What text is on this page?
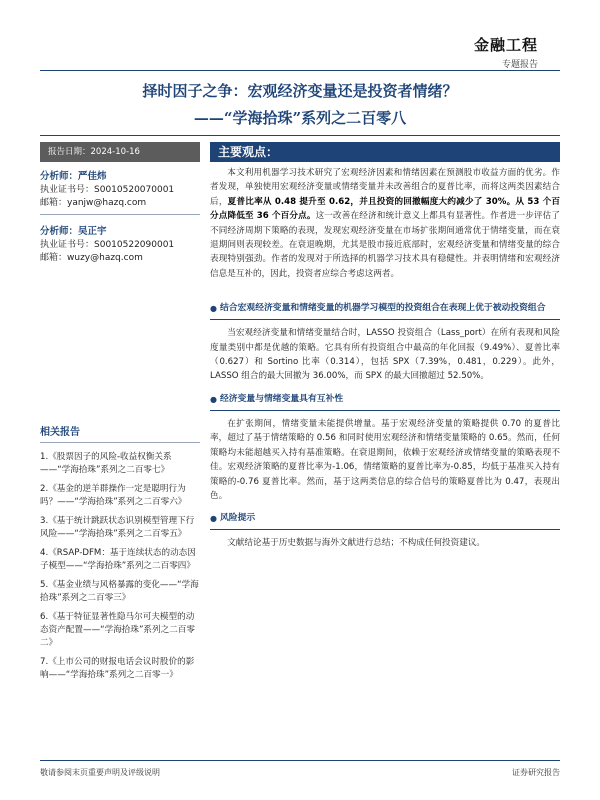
金融工程
专题报告
择时因子之争：宏观经济变量还是投资者情绪？
——“学海拾珠”系列之二百零八
报告日期：2024-10-16	主要观点：
分析师：严佳炜
执业证书号：S0010520070001
邮箱：yanjw@hazq.com
分析师：吴正宇
执业证书号：S0010522090001
邮箱：wuzy@hazq.com
相关报告
1.《股票因子的风险-收益权衡关系——“学海拾珠”系列之二百零七》
2.《基金的逆羊群操作一定是聪明行为吗？——“学海拾珠”系列之二百零六》
3.《基于统计跳跃状态识别模型管理下行风险——“学海拾珠”系列之二百零五》
4.《RSAP-DFM：基于连续状态的动态因子模型——“学海拾珠”系列之二百零四》
5.《基金业绩与风格暴露的变化——“学海拾珠”系列之二百零三》
6.《基于特征显著性隐马尔可夫模型的动态资产配置——“学海拾珠”系列之二百零二》
7.《上市公司的财报电话会议时股价的影响——“学海拾珠”系列之二百零一》

本文利用机器学习技术研究了宏观经济因素和情绪因素在预测股市收益方面的优劣。作者发现，单独使用宏观经济变量或情绪变量并未改善组合的夏普比率，而将这两类因素结合后，夏普比率从 0.48 提升至 0.62，并且投资的回撤幅度大约减少了 30%。从 53 个百分点降低至 36 个百分点。这一改善在经济和统计意义上都具有显著性。作者进一步评估了不同经济周期下策略的表现，发现宏观经济变量在市场扩张期间通常优于情绪变量，而在衰退期间则表现较差。在衰退晚期，尤其是股市接近底部时，宏观经济变量和情绪变量的综合表现特别强劲。作者的发现对于所选择的机器学习技术具有稳健性。并表明情绪和宏观经济信息是互补的，因此，投资者应综合考虑这两者。

● 结合宏观经济变量和情绪变量的机器学习模型的投资组合在表现上优于被动投资组合

当宏观经济变量和情绪变量结合时，LASSO 投资组合（Lass_port）在所有表现和风险度量类别中都是优越的策略。它具有所有投资组合中最高的年化回报（9.49%）、夏普比率（0.627）和 Sortino 比率（0.314），包括 SPX（7.39%，0.481，0.229）。此外，LASSO 组合的最大回撤为 36.00%，而 SPX 的最大回撤超过 52.50%。

● 经济变量与情绪变量具有互补性

在扩张期间，情绪变量未能提供增量。基于宏观经济变量的策略提供 0.70 的夏普比率，超过了基于情绪策略的 0.56 和同时使用宏观经济和情绪变量策略的 0.65。然而，任何策略均未能超越买入持有基准策略。在衰退期间，依赖于宏观经济或情绪变量的策略表现不佳。宏观经济策略的夏普比率为-1.06，情绪策略的夏普比率为-0.85，均低于基准买入持有策略的-0.76 夏普比率。然而，基于这两类信息的综合信号的策略夏普比为 0.47，表现出色。

● 风险提示

文献结论基于历史数据与海外文献进行总结；不构成任何投资建议。

敬请参阅末页重要声明及评级说明	证券研究报告
